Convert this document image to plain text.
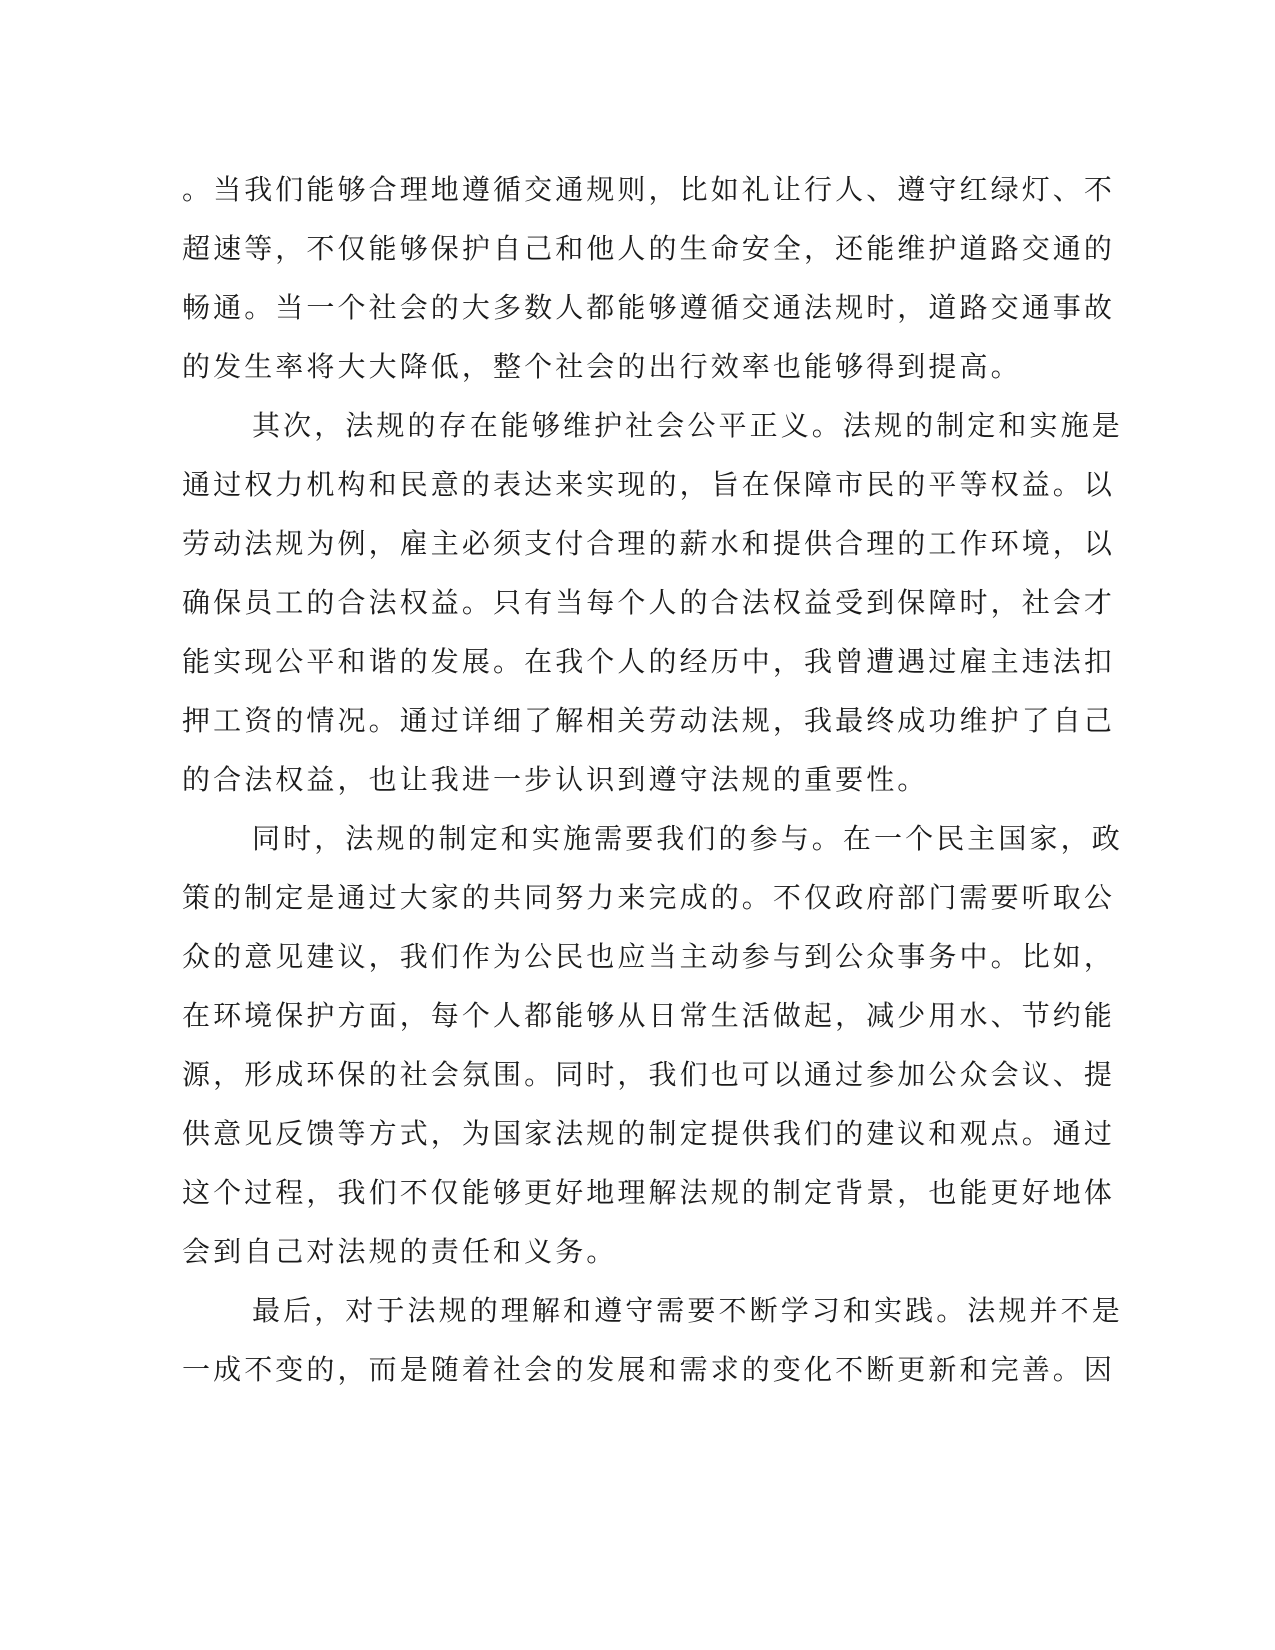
。当我们能够合理地遵循交通规则，比如礼让行人、遵守红绿灯、不
超速等，不仅能够保护自己和他人的生命安全，还能维护道路交通的
畅通。当一个社会的大多数人都能够遵循交通法规时，道路交通事故
的发生率将大大降低，整个社会的出行效率也能够得到提高。
其次，法规的存在能够维护社会公平正义。法规的制定和实施是
通过权力机构和民意的表达来实现的，旨在保障市民的平等权益。以
劳动法规为例，雇主必须支付合理的薪水和提供合理的工作环境，以
确保员工的合法权益。只有当每个人的合法权益受到保障时，社会才
能实现公平和谐的发展。在我个人的经历中，我曾遭遇过雇主违法扣
押工资的情况。通过详细了解相关劳动法规，我最终成功维护了自己
的合法权益，也让我进一步认识到遵守法规的重要性。
同时，法规的制定和实施需要我们的参与。在一个民主国家，政
策的制定是通过大家的共同努力来完成的。不仅政府部门需要听取公
众的意见建议，我们作为公民也应当主动参与到公众事务中。比如，
在环境保护方面，每个人都能够从日常生活做起，减少用水、节约能
源，形成环保的社会氛围。同时，我们也可以通过参加公众会议、提
供意见反馈等方式，为国家法规的制定提供我们的建议和观点。通过
这个过程，我们不仅能够更好地理解法规的制定背景，也能更好地体
会到自己对法规的责任和义务。
最后，对于法规的理解和遵守需要不断学习和实践。法规并不是
一成不变的，而是随着社会的发展和需求的变化不断更新和完善。因
